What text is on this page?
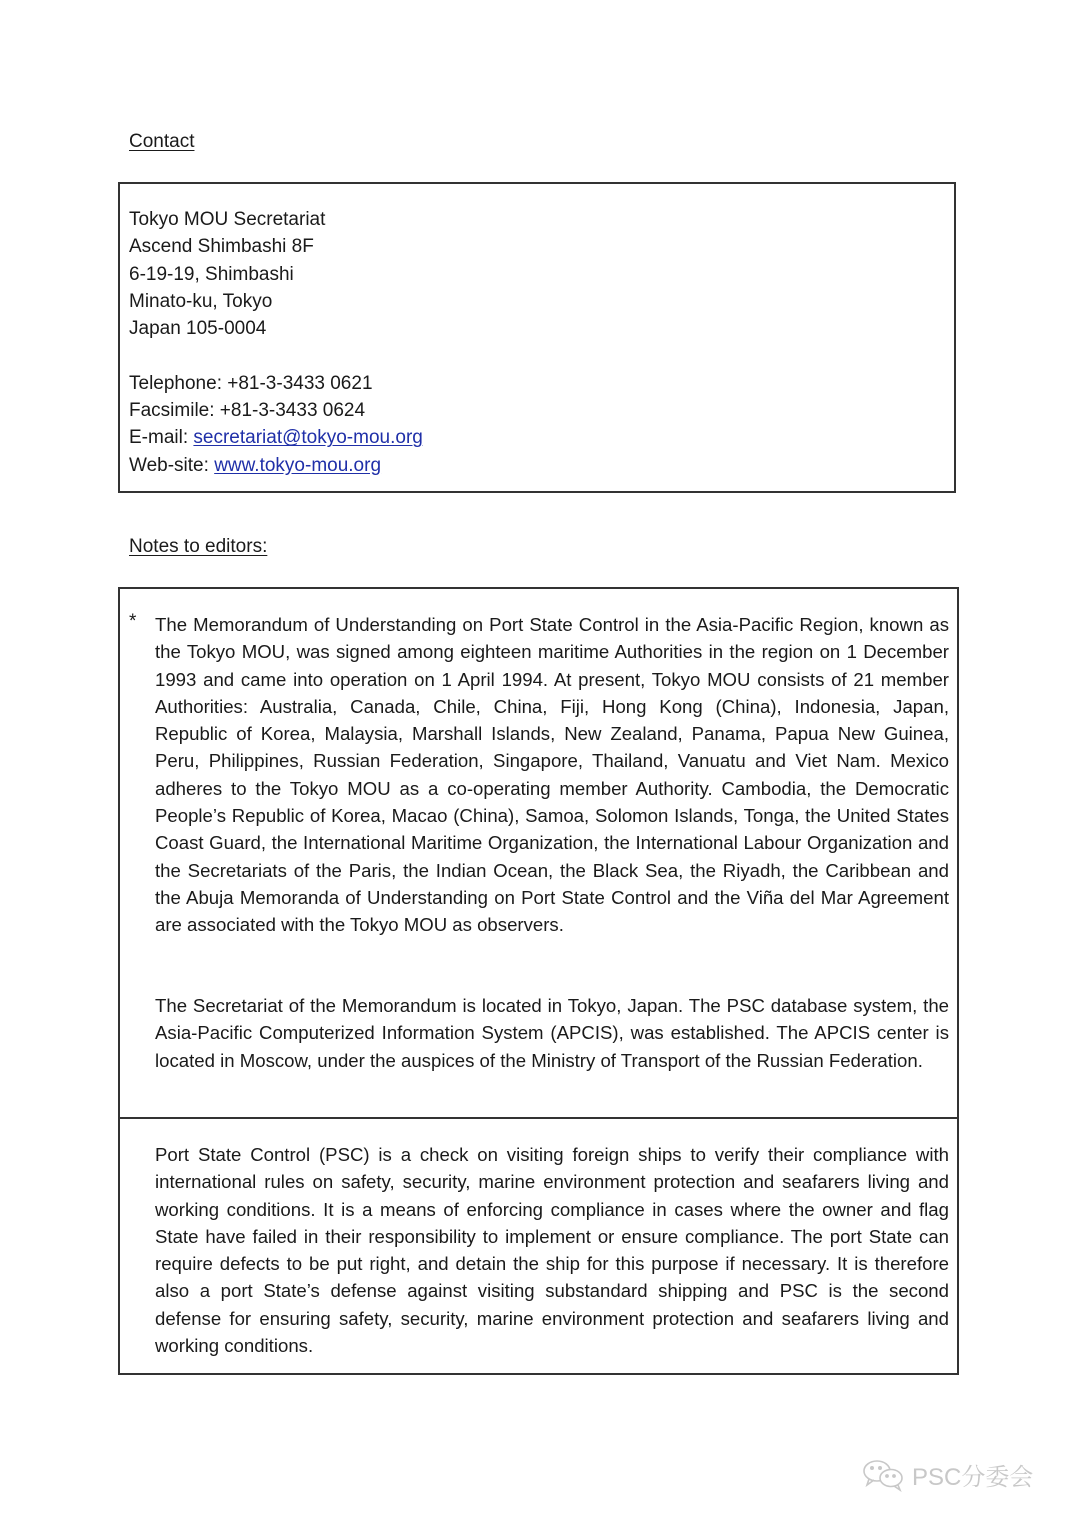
Contact
Tokyo MOU Secretariat
Ascend Shimbashi 8F
6-19-19, Shimbashi
Minato-ku, Tokyo
Japan 105-0004
Telephone: +81-3-3433 0621
Facsimile: +81-3-3433 0624
E-mail: secretariat@tokyo-mou.org
Web-site: www.tokyo-mou.org
Notes to editors:
* The Memorandum of Understanding on Port State Control in the Asia-Pacific Region, known as the Tokyo MOU, was signed among eighteen maritime Authorities in the region on 1 December 1993 and came into operation on 1 April 1994. At present, Tokyo MOU consists of 21 member Authorities: Australia, Canada, Chile, China, Fiji, Hong Kong (China), Indonesia, Japan, Republic of Korea, Malaysia, Marshall Islands, New Zealand, Panama, Papua New Guinea, Peru, Philippines, Russian Federation, Singapore, Thailand, Vanuatu and Viet Nam. Mexico adheres to the Tokyo MOU as a co-operating member Authority. Cambodia, the Democratic People’s Republic of Korea, Macao (China), Samoa, Solomon Islands, Tonga, the United States Coast Guard, the International Maritime Organization, the International Labour Organization and the Secretariats of the Paris, the Indian Ocean, the Black Sea, the Riyadh, the Caribbean and the Abuja Memoranda of Understanding on Port State Control and the Viña del Mar Agreement are associated with the Tokyo MOU as observers.
The Secretariat of the Memorandum is located in Tokyo, Japan. The PSC database system, the Asia-Pacific Computerized Information System (APCIS), was established. The APCIS center is located in Moscow, under the auspices of the Ministry of Transport of the Russian Federation.
Port State Control (PSC) is a check on visiting foreign ships to verify their compliance with international rules on safety, security, marine environment protection and seafarers living and working conditions. It is a means of enforcing compliance in cases where the owner and flag State have failed in their responsibility to implement or ensure compliance. The port State can require defects to be put right, and detain the ship for this purpose if necessary. It is therefore also a port State’s defense against visiting substandard shipping and PSC is the second defense for ensuring safety, security, marine environment protection and seafarers living and working conditions.
PSC分委会
